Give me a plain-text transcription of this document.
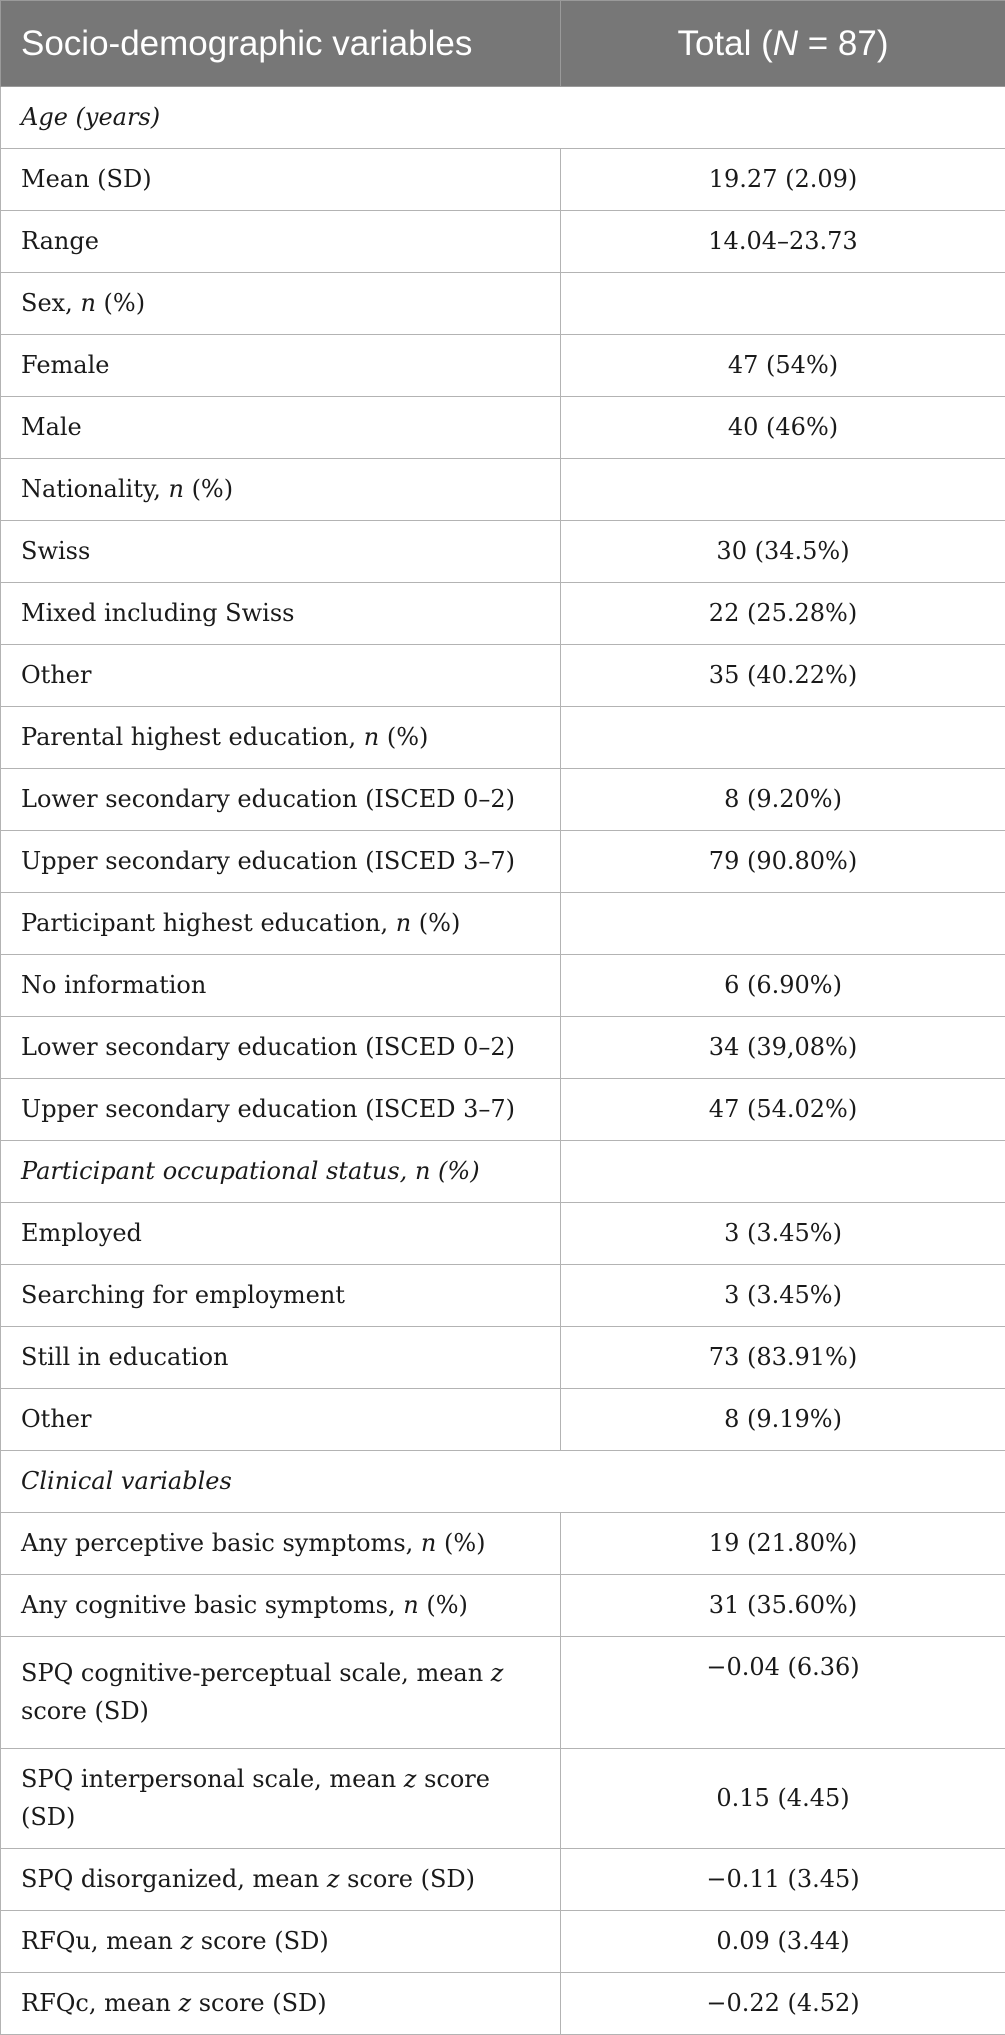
Socio-demographic variables	Total (N = 87)
Age (years)	
Mean (SD)	19.27 (2.09)
Range	14.04–23.73
Sex, n (%)	
Female	47 (54%)
Male	40 (46%)
Nationality, n (%)	
Swiss	30 (34.5%)
Mixed including Swiss	22 (25.28%)
Other	35 (40.22%)
Parental highest education, n (%)	
Lower secondary education (ISCED 0–2)	8 (9.20%)
Upper secondary education (ISCED 3–7)	79 (90.80%)
Participant highest education, n (%)	
No information	6 (6.90%)
Lower secondary education (ISCED 0–2)	34 (39,08%)
Upper secondary education (ISCED 3–7)	47 (54.02%)
Participant occupational status, n (%)	
Employed	3 (3.45%)
Searching for employment	3 (3.45%)
Still in education	73 (83.91%)
Other	8 (9.19%)
Clinical variables	
Any perceptive basic symptoms, n (%)	19 (21.80%)
Any cognitive basic symptoms, n (%)	31 (35.60%)
SPQ cognitive-perceptual scale, mean z score (SD)	−0.04 (6.36)
SPQ interpersonal scale, mean z score (SD)	0.15 (4.45)
SPQ disorganized, mean z score (SD)	−0.11 (3.45)
RFQu, mean z score (SD)	0.09 (3.44)
RFQc, mean z score (SD)	−0.22 (4.52)
